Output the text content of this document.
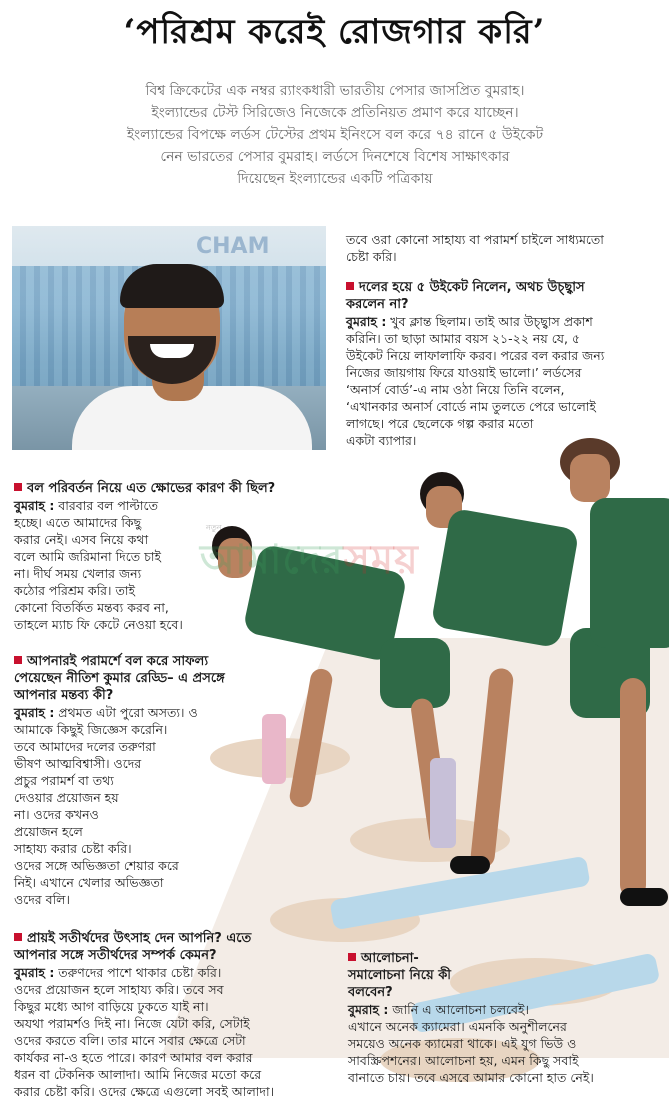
‘পরিশ্রম করেই রোজগার করি’

বিশ্ব ক্রিকেটের এক নম্বর র‍্যাংকধারী ভারতীয় পেসার জাসপ্রিত বুমরাহ।

ইংল্যান্ডের টেস্ট সিরিজেও নিজেকে প্রতিনিয়ত প্রমাণ করে যাচ্ছেন।

ইংল্যান্ডের বিপক্ষে লর্ডস টেস্টের প্রথম ইনিংসে বল করে ৭৪ রানে ৫ উইকেট

নেন ভারতের পেসার বুমরাহ। লর্ডসে দিনশেষে বিশেষ সাক্ষাৎকার

দিয়েছেন ইংল্যান্ডের একটি পত্রিকায়

CHAM	তবে ওরা কোনো সাহায্য বা পরামর্শ চাইলে সাধ্যমতো

চেষ্টা করি।

দলের হয়ে ৫ উইকেট নিলেন, অথচ উচ্ছ্বাস

করলেন না?

বুমরাহ : খুব ক্লান্ত ছিলাম। তাই আর উচ্ছ্বাস প্রকাশ

করিনি। তা ছাড়া আমার বয়স ২১-২২ নয় যে, ৫

উইকেট নিয়ে লাফালাফি করব। পরের বল করার জন্য

নিজের জায়গায় ফিরে যাওয়াই ভালো।’ লর্ডসের

‘অনার্স বোর্ড’-এ নাম ওঠা নিয়ে তিনি বলেন,

‘এখানকার অনার্স বোর্ডে নাম তুলতে পেরে ভালোই

লাগছে। পরে ছেলেকে গল্প করার মতো

একটা ব্যাপার।

নতুন
আমাদেরসময়

বল পরিবর্তন নিয়ে এত ক্ষোভের কারণ কী ছিল?

বুমরাহ : বারবার বল পাল্টাতে

হচ্ছে। এতে আমাদের কিছু

করার নেই। এসব নিয়ে কথা

বলে আমি জরিমানা দিতে চাই

না। দীর্ঘ সময় খেলার জন্য

কঠোর পরিশ্রম করি। তাই

কোনো বিতর্কিত মন্তব্য করব না,

তাহলে ম্যাচ ফি কেটে নেওয়া হবে।

আপনারই পরামর্শে বল করে সাফল্য

পেয়েছেন নীতিশ কুমার রেড্ডি– এ প্রসঙ্গে

আপনার মন্তব্য কী?

বুমরাহ : প্রথমত এটা পুরো অসত্য। ও

আমাকে কিছুই জিজ্ঞেস করেনি।

তবে আমাদের দলের তরুণরা

ভীষণ আত্মবিশ্বাসী। ওদের

প্রচুর পরামর্শ বা তথ্য

দেওয়ার প্রয়োজন হয়

না। ওদের কখনও

প্রয়োজন হলে

সাহায্য করার চেষ্টা করি।

ওদের সঙ্গে অভিজ্ঞতা শেয়ার করে

নিই। এখানে খেলার অভিজ্ঞতা

ওদের বলি।

প্রায়ই সতীর্থদের উৎসাহ দেন আপনি? এতে

আপনার সঙ্গে সতীর্থদের সম্পর্ক কেমন?

বুমরাহ : তরুণদের পাশে থাকার চেষ্টা করি।

ওদের প্রয়োজন হলে সাহায্য করি। তবে সব

কিছুর মধ্যে আগ বাড়িয়ে ঢুকতে যাই না।

অযথা পরামর্শও দিই না। নিজে যেটা করি, সেটাই

ওদের করতে বলি। তার মানে সবার ক্ষেত্রে সেটা

কার্যকর না-ও হতে পারে। কারণ আমার বল করার

ধরন বা টেকনিক আলাদা। আমি নিজের মতো করে

করার চেষ্টা করি। ওদের ক্ষেত্রে এগুলো সবই আলাদা।

আলোচনা-

সমালোচনা নিয়ে কী

বলবেন?

বুমরাহ : জানি এ আলোচনা চলবেই।

এখানে অনেক ক্যামেরা। এমনকি অনুশীলনের

সময়েও অনেক ক্যামেরা থাকে। এই যুগ ভিউ ও

সাবস্ক্রিপশনের। আলোচনা হয়, এমন কিছু সবাই

বানাতে চায়। তবে এসবে আমার কোনো হাত নেই।
